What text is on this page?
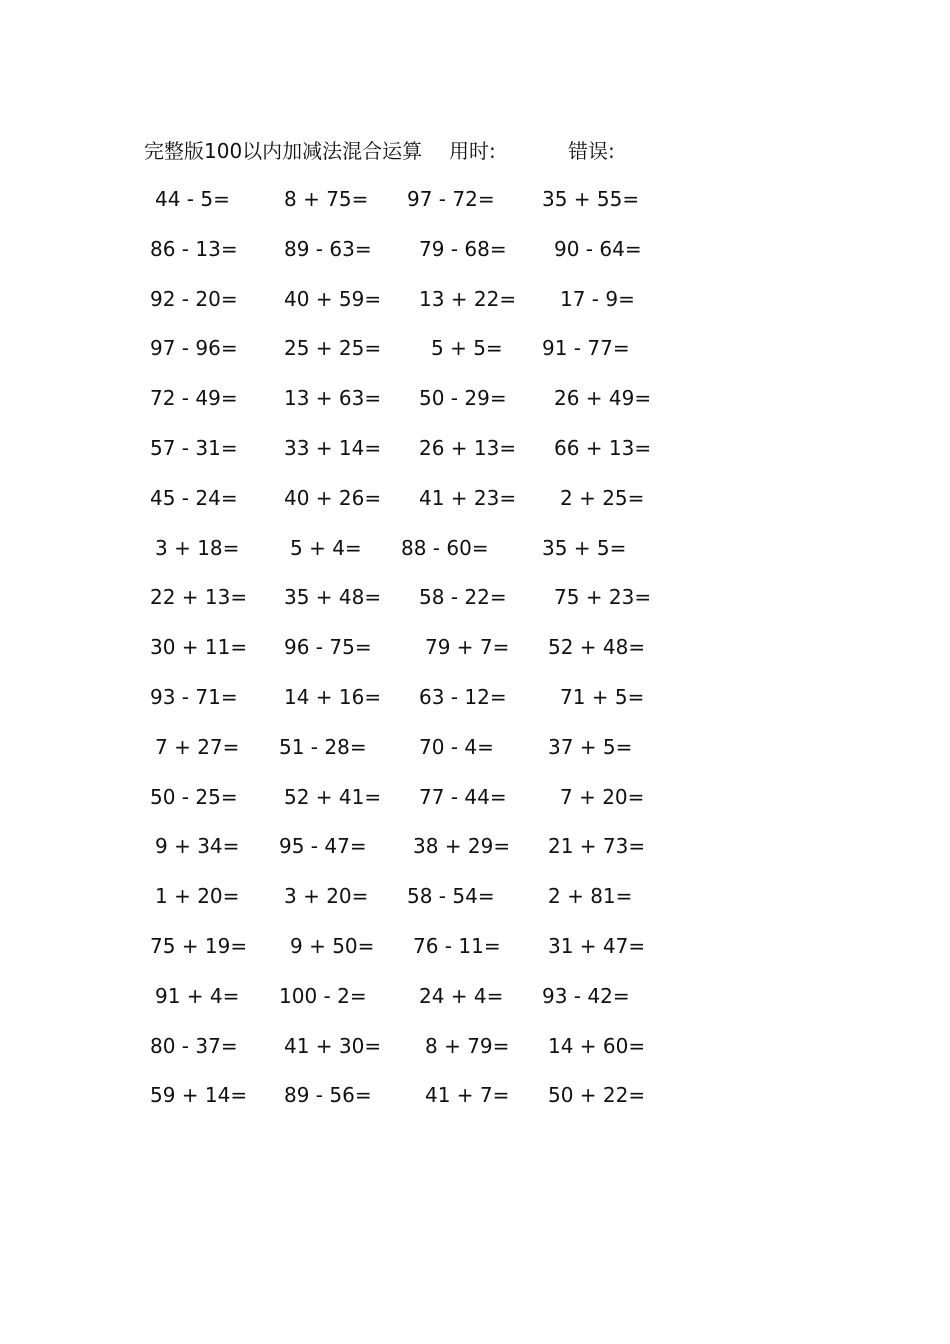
完整版100以内加减法混合运算 用时:	错误:
44 - 5=	8 + 75= 97 - 72= 35 + 55=
86 - 13= 89 - 63= 79 - 68= 90 - 64=
92 - 20= 40 + 59= 13 + 22= 17 - 9=
97 - 96= 25 + 25= 5 + 5= 91 - 77=
72 - 49= 13 + 63= 50 - 29= 26 + 49=
57 - 31= 33 + 14= 26 + 13= 66 + 13=
45 - 24= 40 + 26= 41 + 23= 2 + 25=
3 + 18=	5 + 4= 88 - 60=	35 + 5=
22 + 13= 35 + 48= 58 - 22= 75 + 23=
30 + 11= 96 - 75=	79 + 7= 52 + 48=
93 - 71= 14 + 16= 63 - 12=	71 + 5=
7 + 27= 51 - 28=	70 - 4=	37 + 5=
50 - 25= 52 + 41= 77 - 44=	7 + 20=
9 + 34= 95 - 47= 38 + 29= 21 + 73=
1 + 20= 3 + 20= 58 - 54=	2 + 81=
75 + 19= 9 + 50= 76 - 11= 31 + 47=
91 + 4= 100 - 2=	24 + 4= 93 - 42=
80 - 37= 41 + 30= 8 + 79= 14 + 60=
59 + 14= 89 - 56=	41 + 7= 50 + 22=
